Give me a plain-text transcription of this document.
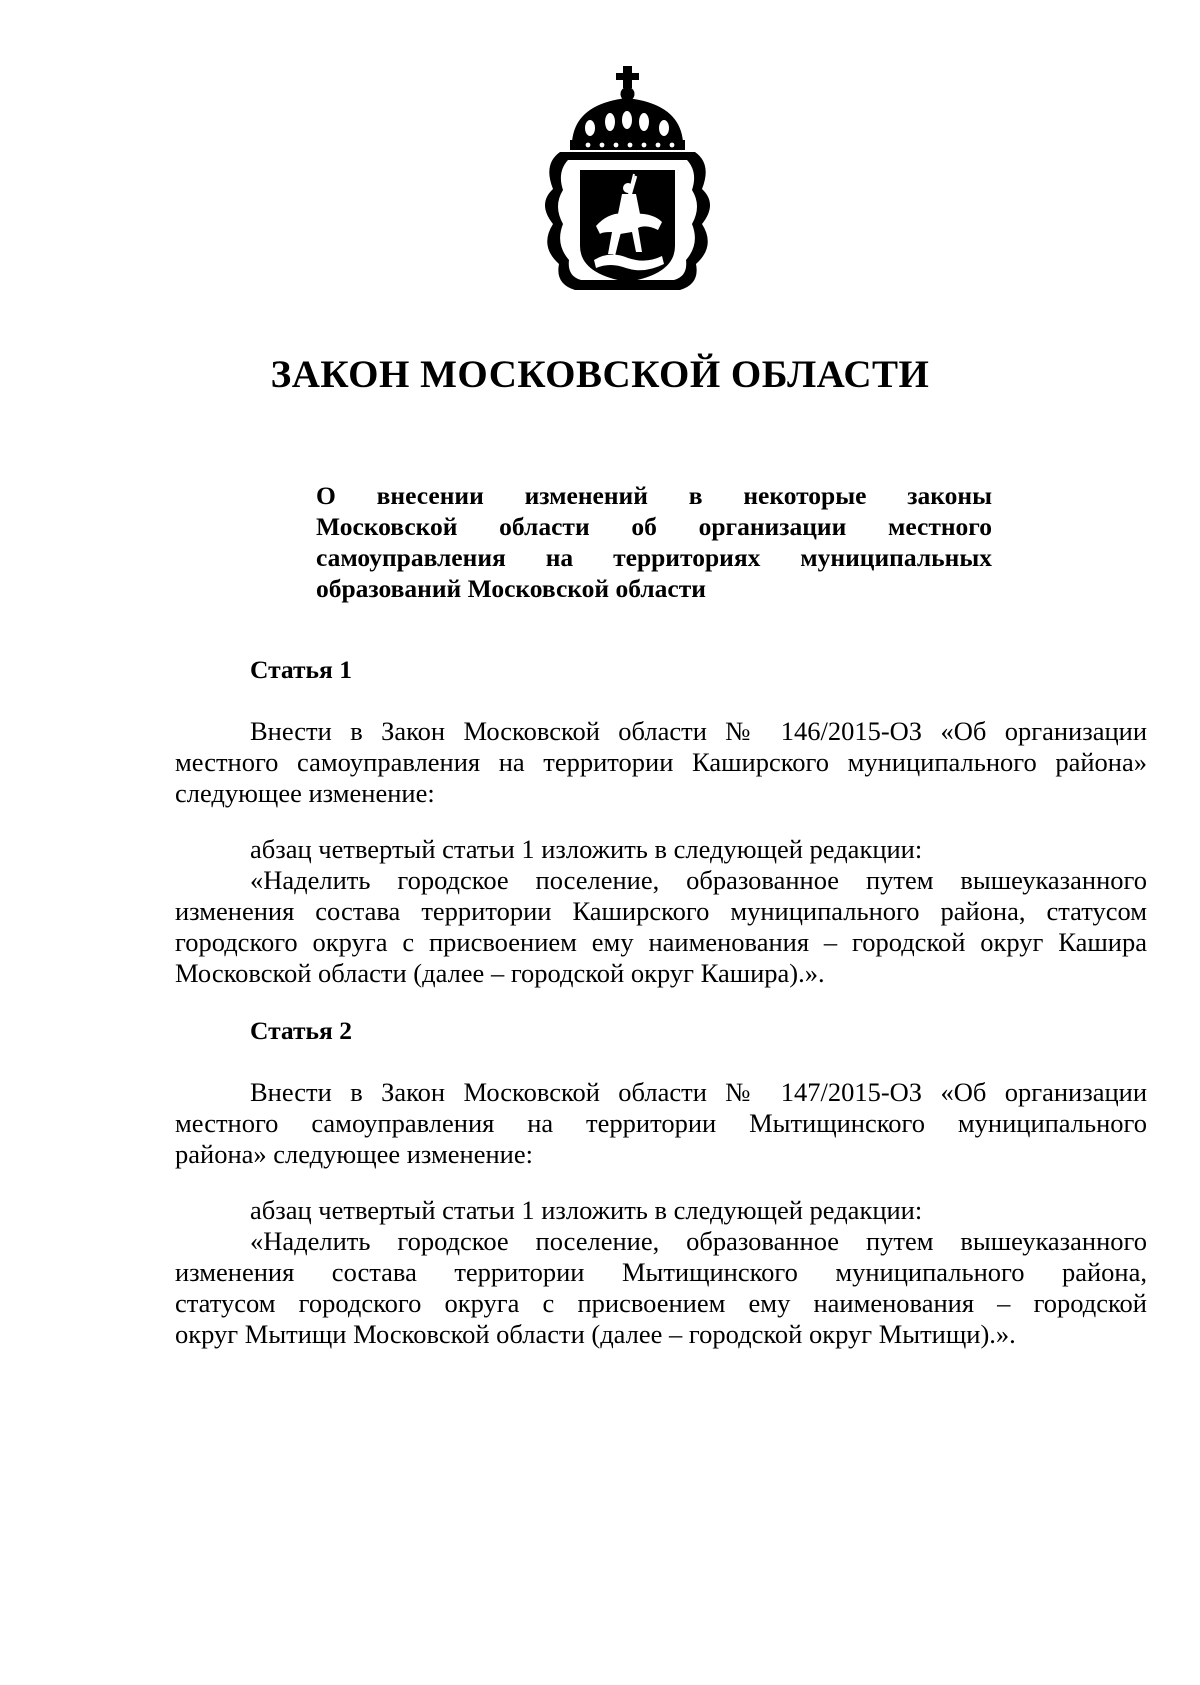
ЗАКОН МОСКОВСКОЙ ОБЛАСТИ
О внесении изменений в некоторые законы
Московской области об организации местного
самоуправления на территориях муниципальных
образований Московской области
Статья 1
Внести в Закон Московской области № 146/2015-ОЗ «Об организации
местного самоуправления на территории Каширского муниципального района»
следующее изменение:
абзац четвертый статьи 1 изложить в следующей редакции:
«Наделить городское поселение, образованное путем вышеуказанного
изменения состава территории Каширского муниципального района, статусом
городского округа с присвоением ему наименования – городской округ Кашира
Московской области (далее – городской округ Кашира).».
Статья 2
Внести в Закон Московской области № 147/2015-ОЗ «Об организации
местного самоуправления на территории Мытищинского муниципального
района» следующее изменение:
абзац четвертый статьи 1 изложить в следующей редакции:
«Наделить городское поселение, образованное путем вышеуказанного
изменения состава территории Мытищинского муниципального района,
статусом городского округа с присвоением ему наименования – городской
округ Мытищи Московской области (далее – городской округ Мытищи).».
